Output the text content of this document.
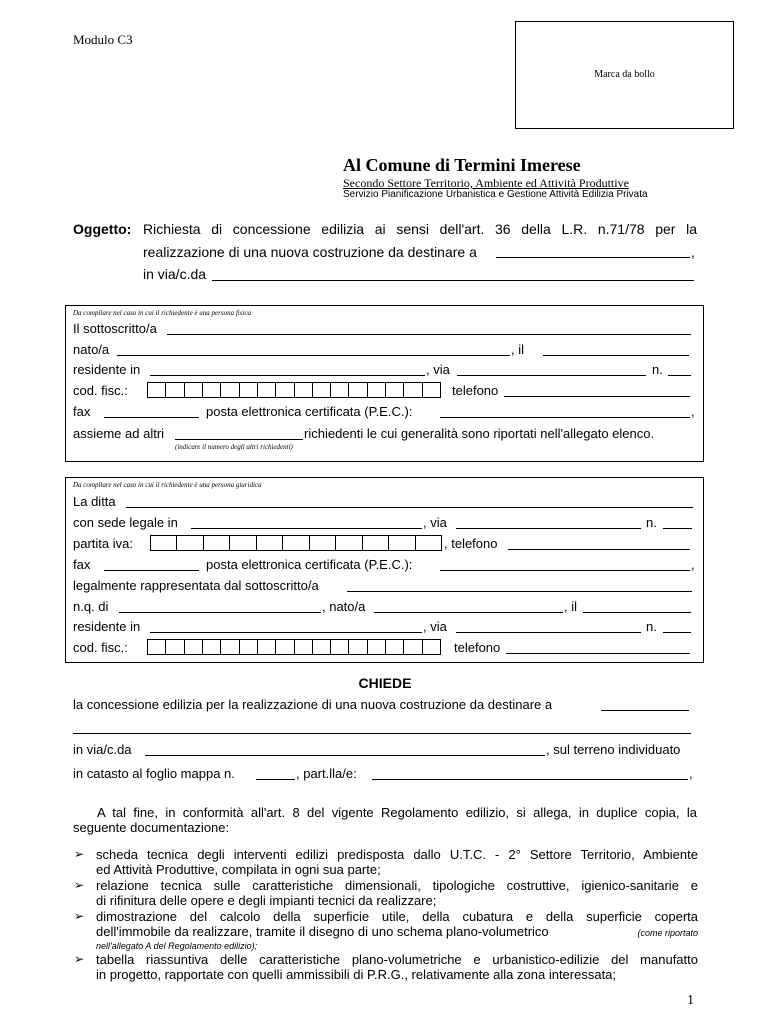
Modulo C3
Marca da bollo
Al Comune di Termini Imerese
Secondo Settore Territorio, Ambiente ed Attività Produttive
Servizio Pianificazione Urbanistica e Gestione Attività Edilizia Privata
Oggetto: Richiesta di concessione edilizia ai sensi dell'art. 36 della L.R. n.71/78 per la
realizzazione di una nuova costruzione da destinare a	,
in via/c.da
Da compilare nel caso in cui il richiedente è una persona fisica
Il sottoscritto/a
nato/a	, il
residente in	, via	n.
cod. fisc.:	telefono
fax	posta elettronica certificata (P.E.C.):	,
assieme ad altri	richiedenti le cui generalità sono riportati nell'allegato elenco.
(indicare il numero degli altri richiedenti)
Da compilare nel caso in cui il richiedente è una persona giuridica
La ditta
con sede legale in	, via	n.
partita iva:	, telefono
fax	posta elettronica certificata (P.E.C.):	,
legalmente rappresentata dal sottoscritto/a
n.q. di	, nato/a	, il
residente in	, via	n.
cod. fisc.:	telefono
CHIEDE
la concessione edilizia per la realizzazione di una nuova costruzione da destinare a
in via/c.da	, sul terreno individuato
in catasto al foglio mappa n.	, part.lla/e:	,
A tal fine, in conformità all'art. 8 del vigente Regolamento edilizio, si allega, in duplice copia, la
seguente documentazione:
➢ scheda tecnica degli interventi edilizi predisposta dallo U.T.C. - 2° Settore Territorio, Ambiente
ed Attività Produttive, compilata in ogni sua parte;
➢ relazione tecnica sulle caratteristiche dimensionali, tipologiche costruttive, igienico-sanitarie e
di rifinitura delle opere e degli impianti tecnici da realizzare;
➢ dimostrazione del calcolo della superficie utile, della cubatura e della superficie coperta
dell'immobile da realizzare, tramite il disegno di uno schema plano-volumetrico	(come riportato
nell'allegato A del Regolamento edilizio);
➢ tabella riassuntiva delle caratteristiche plano-volumetriche e urbanistico-edilizie del manufatto
in progetto, rapportate con quelli ammissibili di P.R.G., relativamente alla zona interessata;
1
